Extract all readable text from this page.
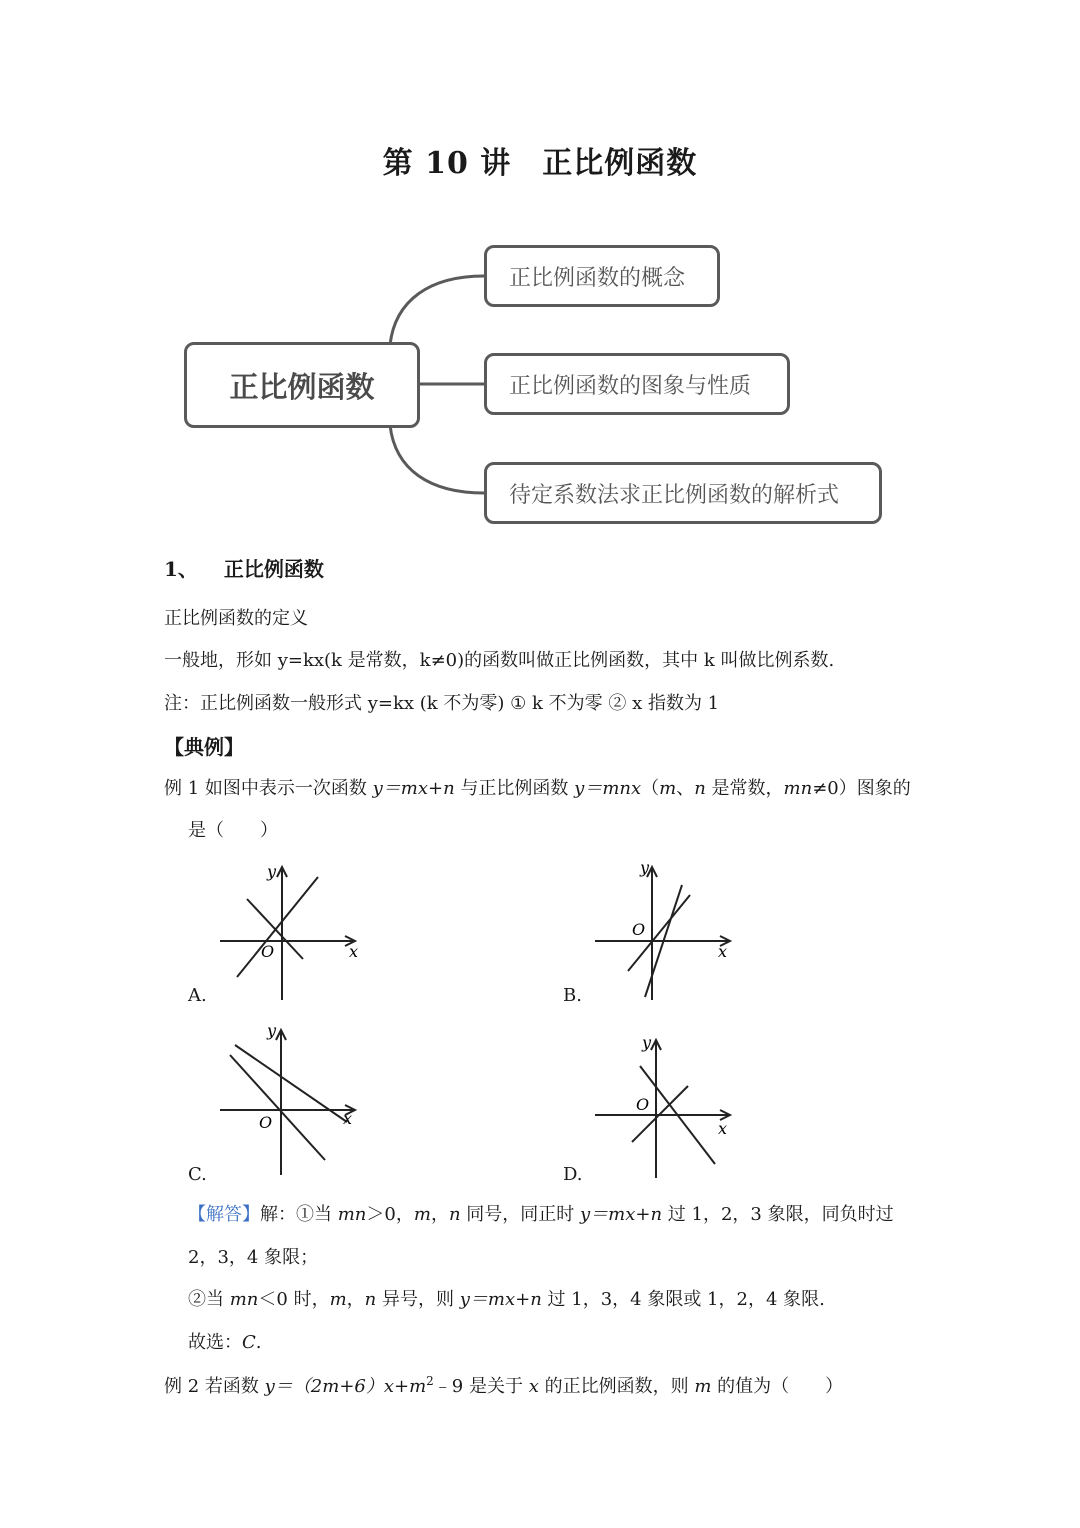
第 10 讲　正比例函数
正比例函数
正比例函数的概念
正比例函数的图象与性质
待定系数法求正比例函数的解析式
1、 正比例函数
正比例函数的定义
一般地，形如 y=kx(k 是常数，k≠0)的函数叫做正比例函数，其中 k 叫做比例系数.
注：正比例函数一般形式 y=kx (k 不为零) ① k 不为零 ② x 指数为 1
【典例】
例 1 如图中表示一次函数 y＝mx+n 与正比例函数 y＝mnx（m、n 是常数，mn≠0）图象的
是（　　）
y
x
O
A.
y
x
O
B.
y
x
O
C.
y
x
O
D.
【解答】解：①当 mn＞0，m，n 同号，同正时 y＝mx+n 过 1，2，3 象限，同负时过
2，3，4 象限；
②当 mn＜0 时，m，n 异号，则 y＝mx+n 过 1，3，4 象限或 1，2，4 象限.
故选：C.
例 2 若函数 $y=(2m+6)x+m^2﹣9$ 是关于 x 的正比例函数，则 m 的值为（　　）
